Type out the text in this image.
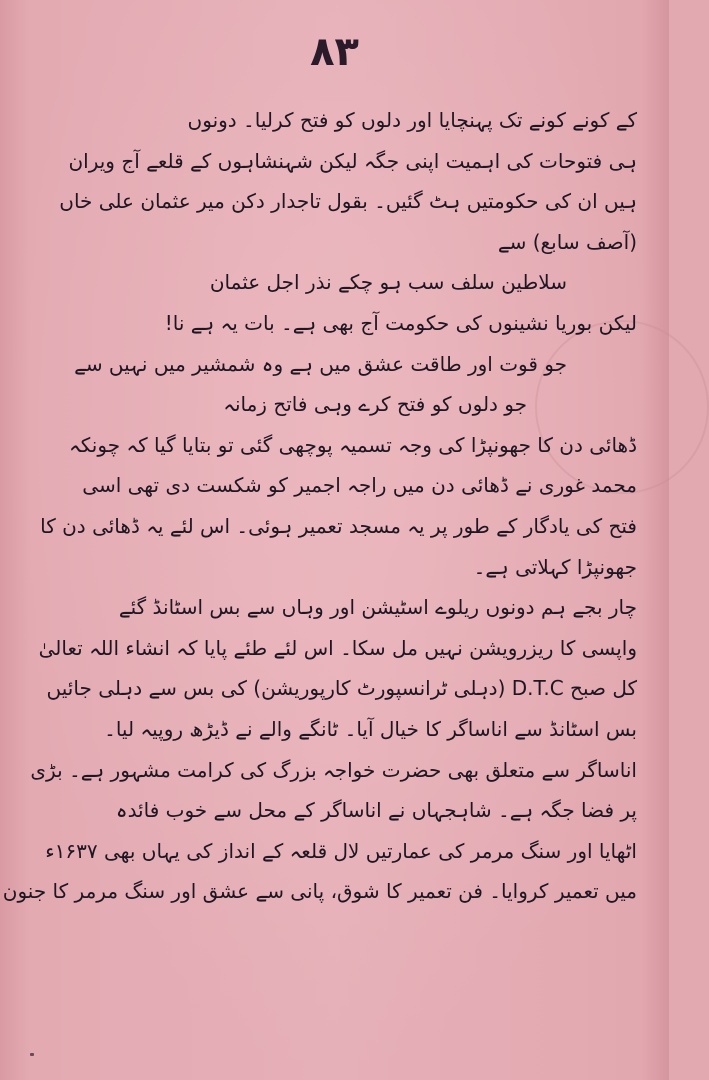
۸۳
کے کونے کونے تک پہنچایا اور دلوں کو فتح کرلیا۔ دونوں
ہی فتوحات کی اہمیت اپنی جگہ لیکن شہنشاہوں کے قلعے آج ویران
ہیں ان کی حکومتیں ہٹ گئیں۔ بقول تاجدار دکن میر عثمان علی خاں
(آصف سابع) سے
سلاطین سلف سب ہو چکے نذر اجل عثمان
لیکن بوریا نشینوں کی حکومت آج بھی ہے۔ بات یہ ہے نا!
جو قوت اور طاقت عشق میں ہے وہ شمشیر میں نہیں سے
جو دلوں کو فتح کرے وہی فاتح زمانہ
ڈھائی دن کا جھونپڑا کی وجہ تسمیہ پوچھی گئی تو بتایا گیا کہ چونکہ
محمد غوری نے ڈھائی دن میں راجہ اجمیر کو شکست دی تھی اسی
فتح کی یادگار کے طور پر یہ مسجد تعمیر ہوئی۔ اس لئے یہ ڈھائی دن کا
جھونپڑا کہلاتی ہے۔
چار بجے ہم دونوں ریلوے اسٹیشن اور وہاں سے بس اسٹانڈ گئے
واپسی کا ریزرویشن نہیں مل سکا۔ اس لئے طئے پایا کہ انشاء اللہ تعالیٰ
کل صبح D.T.C (دہلی ٹرانسپورٹ کارپوریشن) کی بس سے دہلی جائیں
بس اسٹانڈ سے اناساگر کا خیال آیا۔ ٹانگے والے نے ڈیڑھ روپیہ لیا۔
اناساگر سے متعلق بھی حضرت خواجہ بزرگ کی کرامت مشہور ہے۔ بڑی
پر فضا جگہ ہے۔ شاہجہاں نے اناساگر کے محل سے خوب فائدہ
اٹھایا اور سنگ مرمر کی عمارتیں لال قلعہ کے انداز کی یہاں بھی ۱۶۳۷ء
میں تعمیر کروایا۔ فن تعمیر کا شوق، پانی سے عشق اور سنگ مرمر کا جنون
